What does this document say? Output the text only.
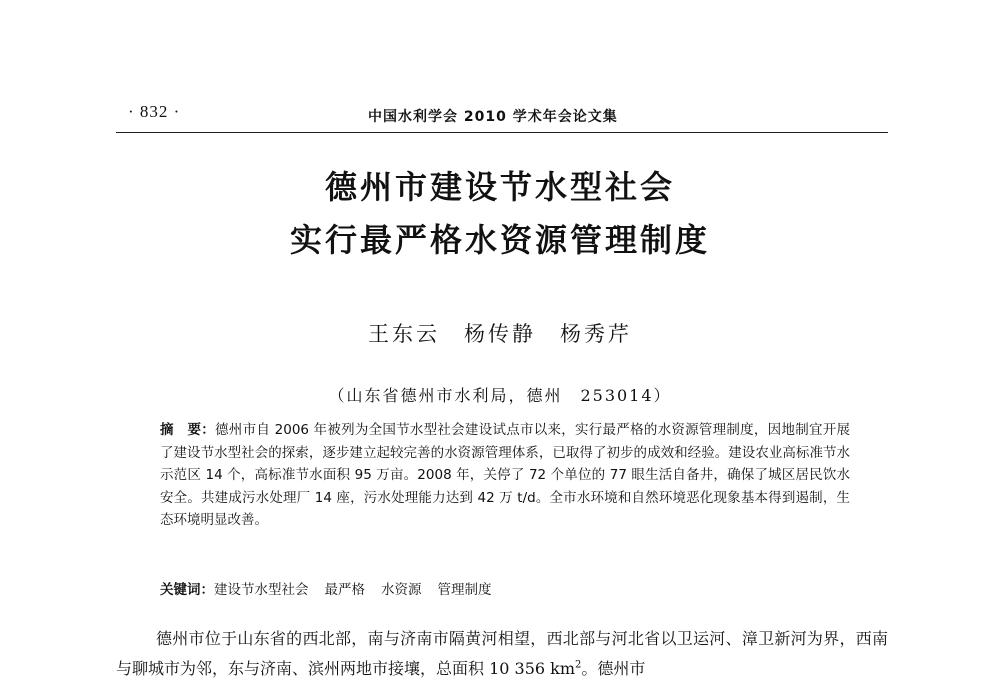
· 832 ·	中国水利学会 2010 学术年会论文集
德州市建设节水型社会
实行最严格水资源管理制度
王东云　杨传静　杨秀芹
（山东省德州市水利局，德州　253014）
摘　要：德州市自 2006 年被列为全国节水型社会建设试点市以来，实行最严格的水资源管理制度，因地制宜开展了建设节水型社会的探索，逐步建立起较完善的水资源管理体系，已取得了初步的成效和经验。建设农业高标准节水示范区 14 个，高标准节水面积 95 万亩。2008 年，关停了 72 个单位的 77 眼生活自备井，确保了城区居民饮水安全。共建成污水处理厂 14 座，污水处理能力达到 42 万 t/d。全市水环境和自然环境恶化现象基本得到遏制，生态环境明显改善。
关键词：建设节水型社会 最严格 水资源 管理制度
德州市位于山东省的西北部，南与济南市隔黄河相望，西北部与河北省以卫运河、漳卫新河为界，西南与聊城市为邻，东与济南、滨州两地市接壤，总面积 10 356 $km^2$。德州市
